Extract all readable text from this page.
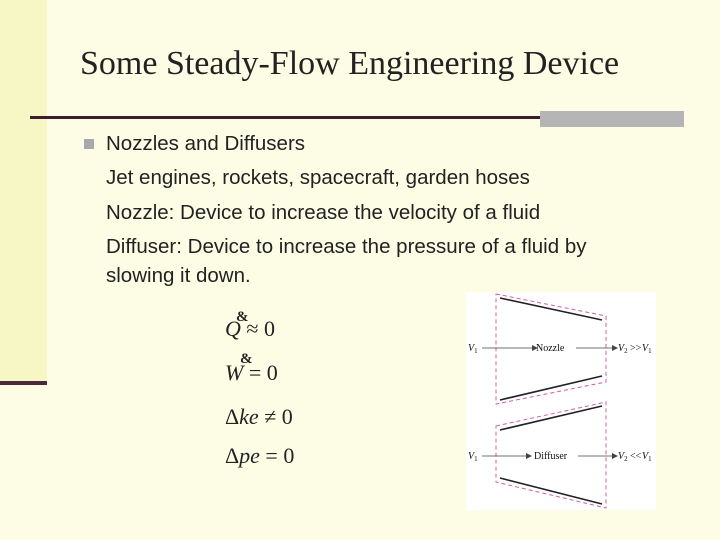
Some Steady-Flow Engineering Device
Nozzles and Diffusers
Jet engines, rockets, spacecraft, garden hoses
Nozzle: Device to increase the velocity of a fluid
Diffuser: Device to increase the pressure of a fluid by
slowing it down.
Q ≈ 0
&
W = 0
&
Δke ≠ 0
Δpe = 0
$V_1$	Nozzle	$V_2 >> V_1$
$V_1$	Diffuser	$V_2 << V_1$
